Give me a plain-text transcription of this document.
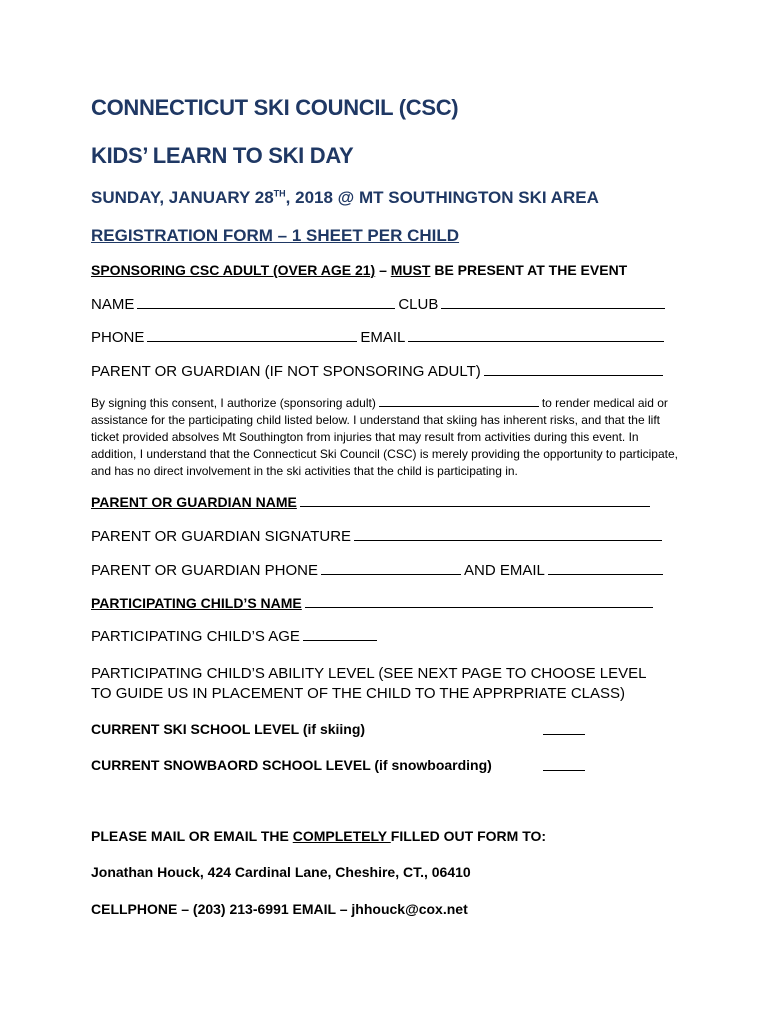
CONNECTICUT SKI COUNCIL (CSC)
KIDS’ LEARN TO SKI DAY
SUNDAY, JANUARY 28TH, 2018 @ MT SOUTHINGTON SKI AREA
REGISTRATION FORM – 1 SHEET PER CHILD
SPONSORING CSC ADULT (OVER AGE 21) – MUST BE PRESENT AT THE EVENT
NAME	CLUB
PHONE	EMAIL
PARENT OR GUARDIAN (IF NOT SPONSORING ADULT)
By signing this consent, I authorize (sponsoring adult)	to render medical aid or assistance for the participating child listed below. I understand that skiing has inherent risks, and that the lift ticket provided absolves Mt Southington from injuries that may result from activities during this event. In addition, I understand that the Connecticut Ski Council (CSC) is merely providing the opportunity to participate, and has no direct involvement in the ski activities that the child is participating in.
PARENT OR GUARDIAN NAME
PARENT OR GUARDIAN SIGNATURE
PARENT OR GUARDIAN PHONE	AND EMAIL
PARTICIPATING CHILD’S NAME
PARTICIPATING CHILD’S AGE
PARTICIPATING CHILD’S ABILITY LEVEL (SEE NEXT PAGE TO CHOOSE LEVEL
TO GUIDE US IN PLACEMENT OF THE CHILD TO THE APPRPRIATE CLASS)
CURRENT SKI SCHOOL LEVEL (if skiing)
CURRENT SNOWBAORD SCHOOL LEVEL (if snowboarding)
PLEASE MAIL OR EMAIL THE COMPLETELY FILLED OUT FORM TO:
Jonathan Houck, 424 Cardinal Lane, Cheshire, CT., 06410
CELLPHONE – (203) 213-6991 EMAIL – jhhouck@cox.net
